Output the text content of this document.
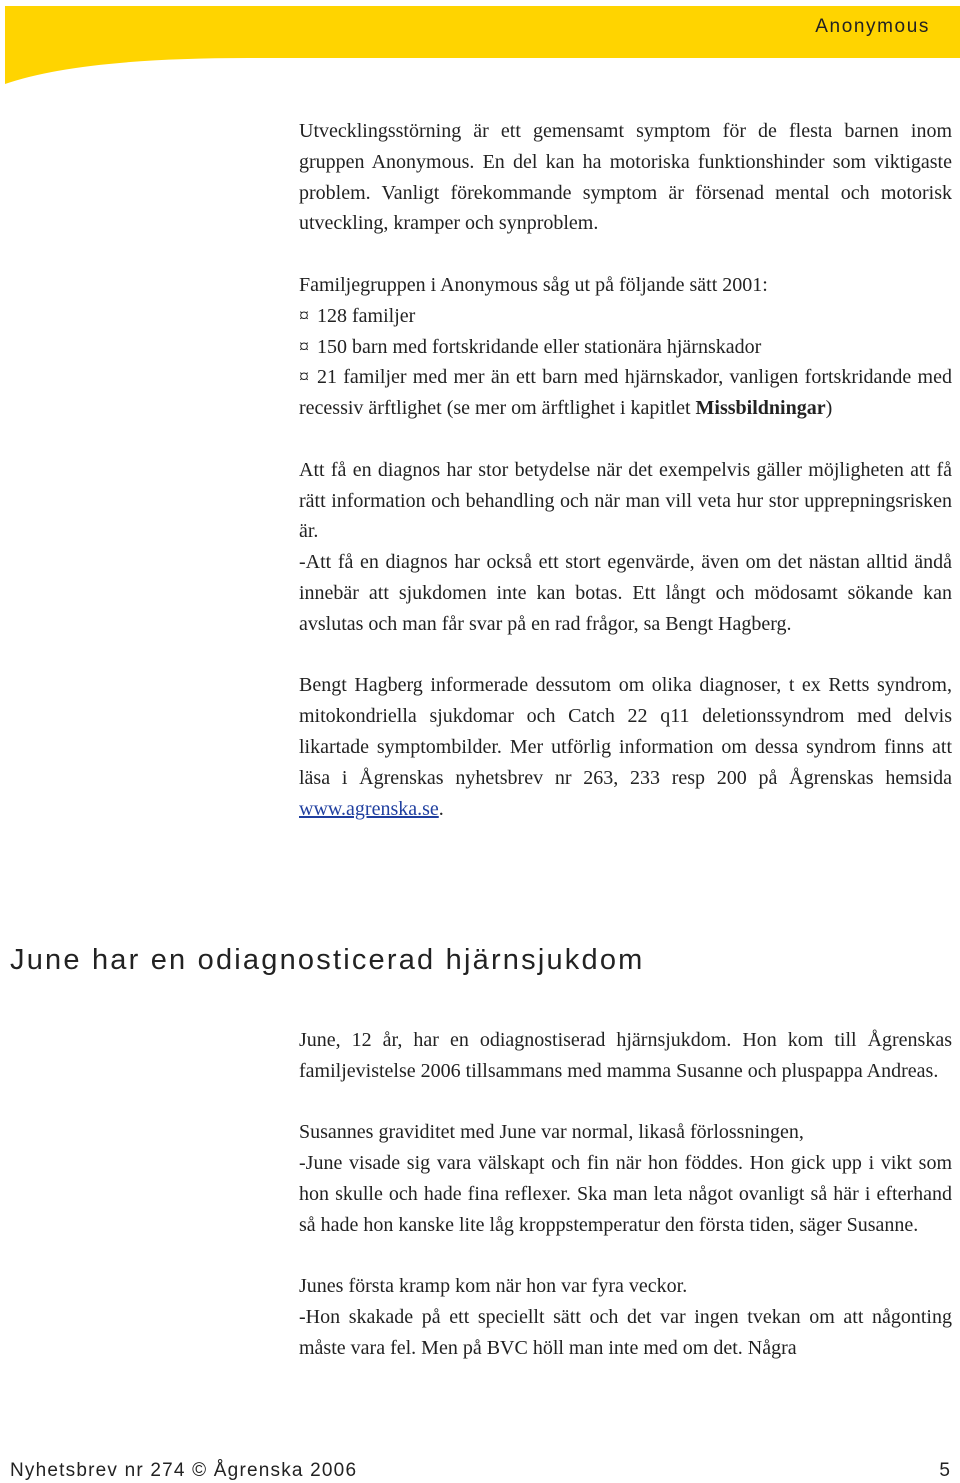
Anonymous

Utvecklingsstörning är ett gemensamt symptom för de flesta barnen inom gruppen Anonymous. En del kan ha motoriska funktionshinder som viktigaste problem. Vanligt förekommande symptom är försenad mental och motorisk utveckling, kramper och synproblem.

Familjegruppen i Anonymous såg ut på följande sätt 2001:

¤ 128 familjer

¤ 150 barn med fortskridande eller stationära hjärnskador

¤ 21 familjer med mer än ett barn med hjärnskador, vanligen fortskridande med recessiv ärftlighet (se mer om ärftlighet i kapitlet Missbildningar)

Att få en diagnos har stor betydelse när det exempelvis gäller möjligheten att få rätt information och behandling och när man vill veta hur stor upprepningsrisken är.

-Att få en diagnos har också ett stort egenvärde, även om det nästan alltid ändå innebär att sjukdomen inte kan botas. Ett långt och mödosamt sökande kan avslutas och man får svar på en rad frågor, sa Bengt Hagberg.

Bengt Hagberg informerade dessutom om olika diagnoser, t ex Retts syndrom, mitokondriella sjukdomar och Catch 22 q11 deletionssyndrom med delvis likartade symptombilder. Mer utförlig information om dessa syndrom finns att läsa i Ågrenskas nyhetsbrev nr 263, 233 resp 200 på Ågrenskas hemsida www.agrenska.se.

June har en odiagnosticerad hjärnsjukdom

June, 12 år, har en odiagnostiserad hjärnsjukdom. Hon kom till Ågrenskas familjevistelse 2006 tillsammans med mamma Susanne och pluspappa Andreas.

Susannes graviditet med June var normal, likaså förlossningen,

-June visade sig vara välskapt och fin när hon föddes. Hon gick upp i vikt som hon skulle och hade fina reflexer. Ska man leta något ovanligt så här i efterhand så hade hon kanske lite låg kroppstemperatur den första tiden, säger Susanne.

Junes första kramp kom när hon var fyra veckor.

-Hon skakade på ett speciellt sätt och det var ingen tvekan om att någonting måste vara fel. Men på BVC höll man inte med om det. Några

Nyhetsbrev nr 274 © Ågrenska 2006	5
